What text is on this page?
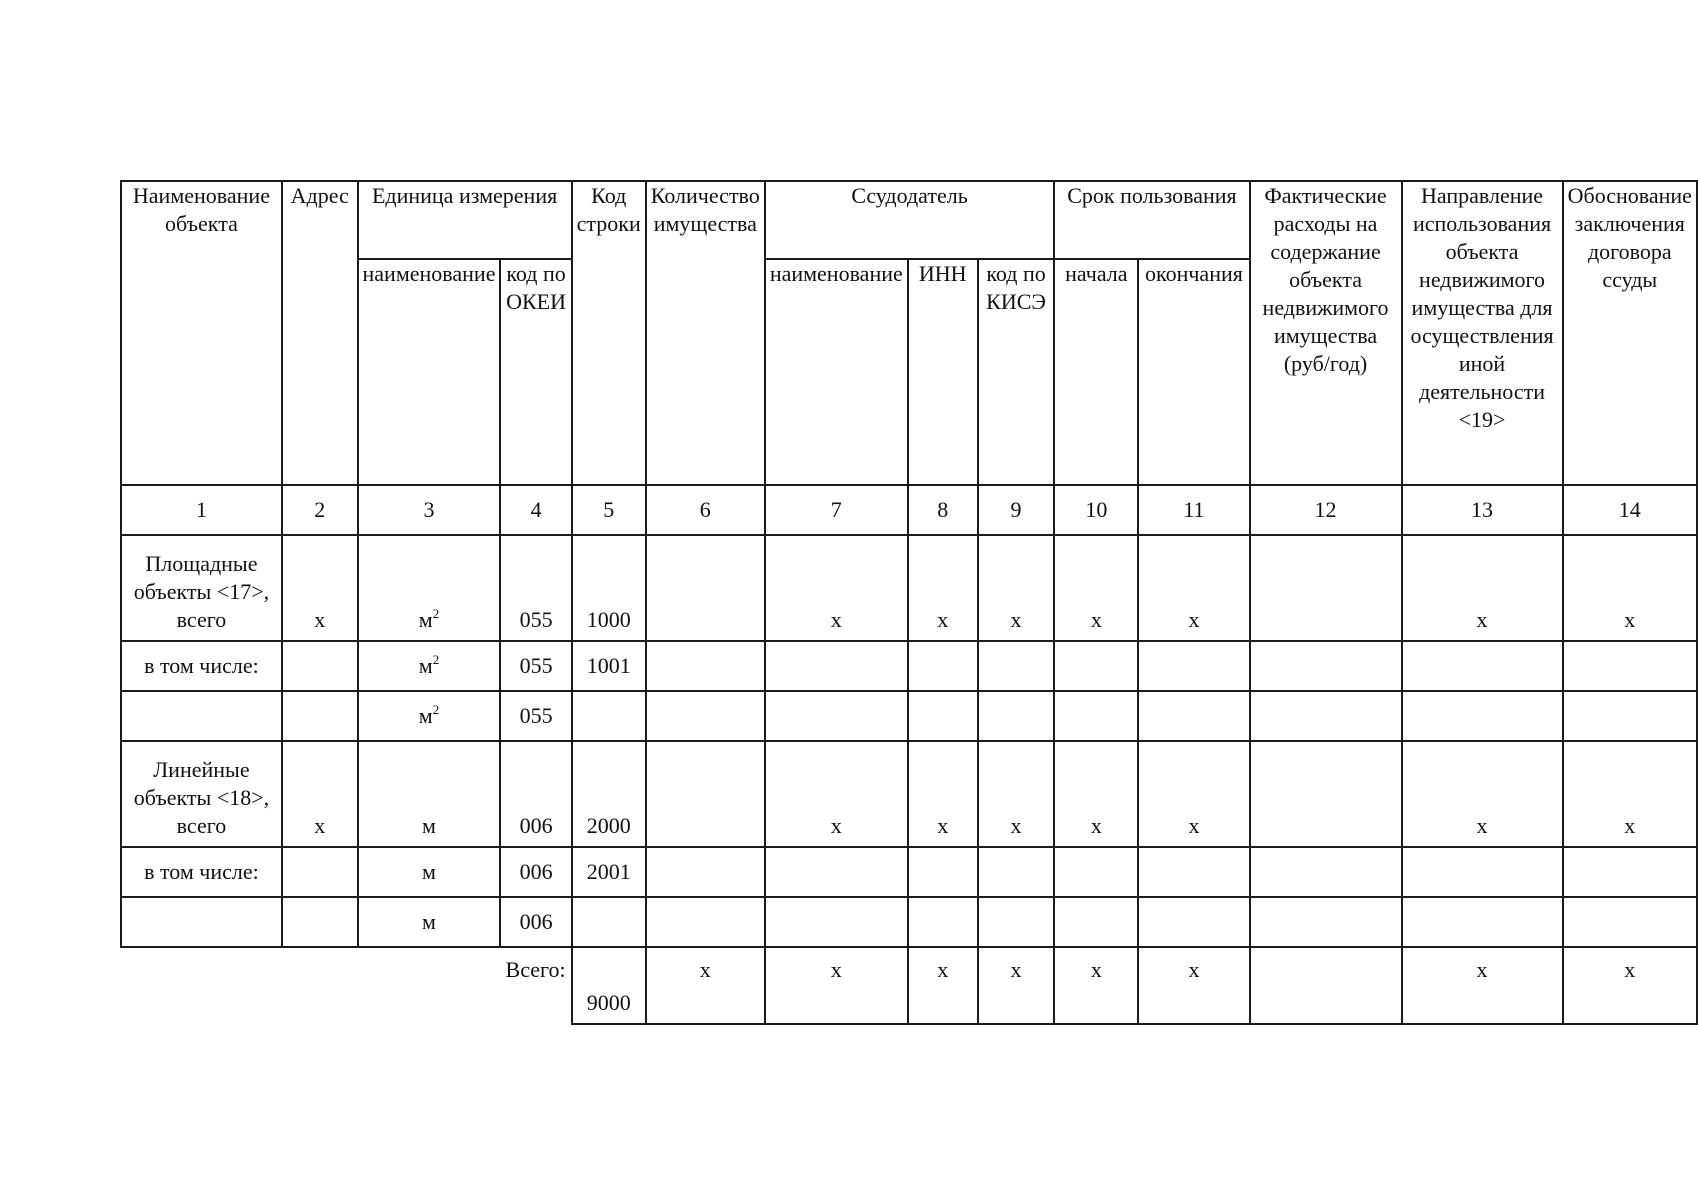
Наименование объекта	Адрес	Единица измерения		Код строки	Количество имущества	Ссудодатель			Срок пользования		Фактические расходы на содержание объекта недвижимого имущества (руб/год)	Направление использования объекта недвижимого имущества для осуществления иной деятельности <19>	Обоснование заключения договора ссуды
		наименование	код по ОКЕИ			наименование	ИНН	код по КИСЭ	начала	окончания			
1	2	3	4	5	6	7	8	9	10	11	12	13	14
Площадные объекты <17>, всего	x	$м^2$	055	1000		x	x	x	x	x		x	x
в том числе:		$м^2$	055	1001									
		$м^2$	055										
Линейные объекты <18>, всего	x	м	006	2000		x	x	x	x	x		x	x
в том числе:		м	006	2001									
		м	006										
			Всего:	9000	x	x	x	x	x	x		x	x
